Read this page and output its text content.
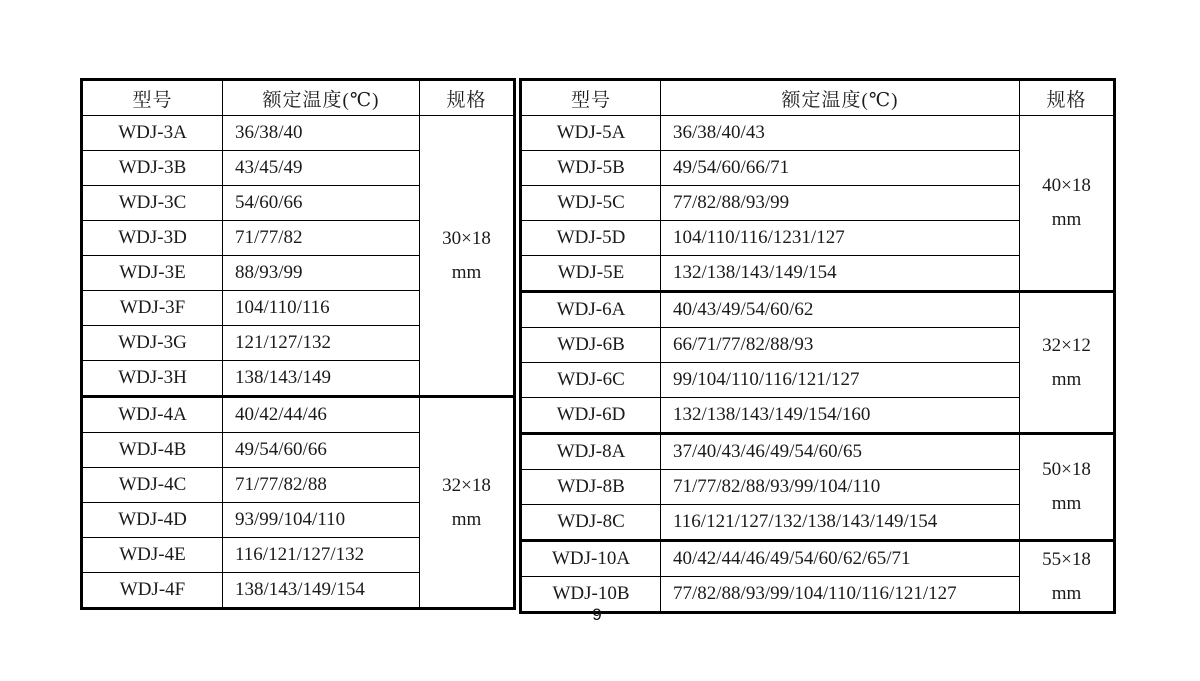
型号	额定温度(℃)	规格
WDJ-3A	36/38/40	30×18
mm

WDJ-3B	43/45/49	
WDJ-3C	54/60/66	
WDJ-3D	71/77/82	
WDJ-3E	88/93/99	
WDJ-3F	104/110/116	
WDJ-3G	121/127/132	
WDJ-3H	138/143/149	
WDJ-4A	40/42/44/46	32×18
mm

WDJ-4B	49/54/60/66	
WDJ-4C	71/77/82/88	
WDJ-4D	93/99/104/110	
WDJ-4E	116/121/127/132	
WDJ-4F	138/143/149/154	
型号	额定温度(℃)	规格
WDJ-5A	36/38/40/43	40×18
mm

WDJ-5B	49/54/60/66/71	
WDJ-5C	77/82/88/93/99	
WDJ-5D	104/110/116/1231/127	
WDJ-5E	132/138/143/149/154	
WDJ-6A	40/43/49/54/60/62	32×12
mm

WDJ-6B	66/71/77/82/88/93	
WDJ-6C	99/104/110/116/121/127	
WDJ-6D	132/138/143/149/154/160	
WDJ-8A	37/40/43/46/49/54/60/65	50×18
mm

WDJ-8B	71/77/82/88/93/99/104/110	
WDJ-8C	116/121/127/132/138/143/149/154	
WDJ-10A	40/42/44/46/49/54/60/62/65/71	55×18
mm

WDJ-10B	77/82/88/93/99/104/110/116/121/127	
9
